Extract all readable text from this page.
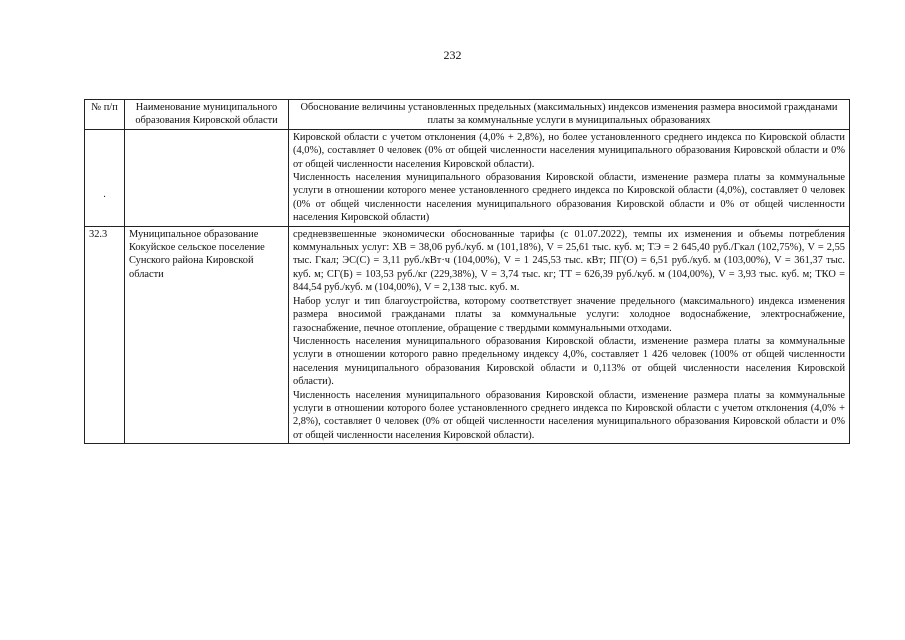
232
№ п/п	Наименование муниципального образования Кировской области	Обоснование величины установленных предельных (максимальных) индексов изменения размера вносимой гражданами платы за коммунальные услуги в муниципальных образованиях

·		Кировской области с учетом отклонения (4,0% + 2,8%), но более установленного среднего индекса по Кировской области (4,0%), составляет 0 человек (0% от общей численности населения муниципального образования Кировской области и 0% от общей численности населения Кировской области).

Численность населения муниципального образования Кировской области, изменение размера платы за коммунальные услуги в отношении которого менее установленного среднего индекса по Кировской области (4,0%), составляет 0 человек (0% от общей численности населения муниципального образования Кировской области и 0% от общей численности населения Кировской области)

32.3	Муниципальное образование Кокуйское сельское поселение Сунского района Кировской области	средневзвешенные экономически обоснованные тарифы (с 01.07.2022), темпы их изменения и объемы потребления коммунальных услуг: ХВ = 38,06 руб./куб. м (101,18%), V = 25,61 тыс. куб. м; ТЭ = 2 645,40 руб./Гкал (102,75%), V = 2,55 тыс. Гкал; ЭС(С) = 3,11 руб./кВт·ч (104,00%), V = 1 245,53 тыс. кВт; ПГ(О) = 6,51 руб./куб. м (103,00%), V = 361,37 тыс. куб. м; СГ(Б) = 103,53 руб./кг (229,38%), V = 3,74 тыс. кг; ТТ = 626,39 руб./куб. м (104,00%), V = 3,93 тыс. куб. м; ТКО = 844,54 руб./куб. м (104,00%), V = 2,138 тыс. куб. м.

Набор услуг и тип благоустройства, которому соответствует значение предельного (максимального) индекса изменения размера вносимой гражданами платы за коммунальные услуги: холодное водоснабжение, электроснабжение, газоснабжение, печное отопление, обращение с твердыми коммунальными отходами.

Численность населения муниципального образования Кировской области, изменение размера платы за коммунальные услуги в отношении которого равно предельному индексу 4,0%, составляет 1 426 человек (100% от общей численности населения муниципального образования Кировской области и 0,113% от общей численности населения Кировской области).

Численность населения муниципального образования Кировской области, изменение размера платы за коммунальные услуги в отношении которого более установленного среднего индекса по Кировской области с учетом отклонения (4,0% + 2,8%), составляет 0 человек (0% от общей численности населения муниципального образования Кировской области и 0% от общей численности населения Кировской области).
